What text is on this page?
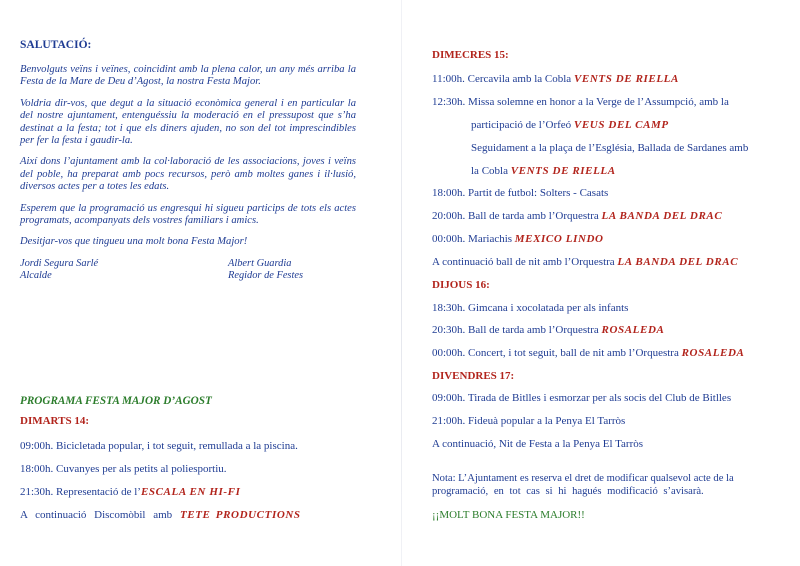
SALUTACIÓ:

Benvolguts veïns i veïnes, coincidint amb la plena calor, un any més arriba la Festa de la Mare de Deu d’Agost, la nostra Festa Major.

Voldria dir-vos, que degut a la situació econòmica general i en particular la del nostre ajuntament, entenguéssiu la moderació en el pressupost que s’ha destinat a la festa; tot i que els diners ajuden, no son del tot imprescindibles per fer la festa i gaudir-la.

Així dons l’ajuntament amb la col·laboració de les associacions, joves i veïns del poble, ha preparat amb pocs recursos, però amb moltes ganes i il·lusió, diversos actes per a totes les edats.

Esperem que la programació us engresqui hi sigueu particips de tots els actes programats, acompanyats dels vostres familiars i amics.

Desitjar-vos que tingueu una molt bona Festa Major!

Jordi Segura Sarlé
Alcalde
Albert Guardia
Regidor de Festes
PROGRAMA FESTA MAJOR D’AGOST
DIMARTS 14:
09:00h. Bicicletada popular, i tot seguit, remullada a la piscina.
18:00h. Cuvanyes per als petits al poliesportiu.
21:30h. Representació de l’ESCALA EN HI-FI
A continuació Discomòbil amb TETE PRODUCTIONS
DIMECRES 15:
11:00h. Cercavila amb la Cobla VENTS DE RIELLA
12:30h. Missa solemne en honor a la Verge de l’Assumpció, amb la
participació de l’Orfeó VEUS DEL CAMP
Seguidament a la plaça de l’Església, Ballada de Sardanes amb
la Cobla VENTS DE RIELLA
18:00h. Partit de futbol: Solters - Casats
20:00h. Ball de tarda amb l’Orquestra LA BANDA DEL DRAC
00:00h. Mariachis MEXICO LINDO
A continuació ball de nit amb l’Orquestra LA BANDA DEL DRAC
DIJOUS 16:
18:30h. Gimcana i xocolatada per als infants
20:30h. Ball de tarda amb l’Orquestra ROSALEDA
00:00h. Concert, i tot seguit, ball de nit amb l’Orquestra ROSALEDA
DIVENDRES 17:
09:00h. Tirada de Bitlles i esmorzar per als socis del Club de Bitlles
21:00h. Fideuà popular a la Penya El Tarròs
A continuació, Nit de Festa a la Penya El Tarròs
Nota: L’Ajuntament es reserva el dret de modificar qualsevol acte de la
programació, en tot cas si hi hagués modificació s’avisarà.
¡¡MOLT BONA FESTA MAJOR!!
